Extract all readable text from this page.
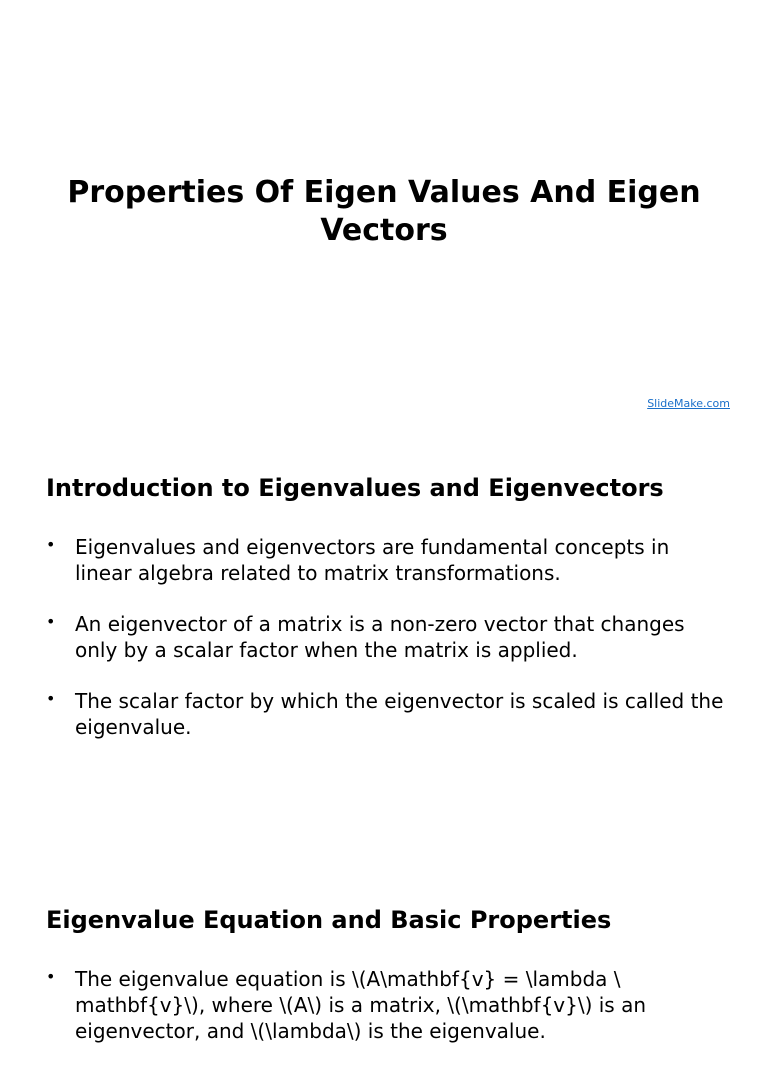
Properties Of Eigen Values And Eigen Vectors
SlideMake.com
Introduction to Eigenvalues and Eigenvectors
• Eigenvalues and eigenvectors are fundamental concepts in linear algebra related to matrix transformations.
• An eigenvector of a matrix is a non-zero vector that changes only by a scalar factor when the matrix is applied.
• The scalar factor by which the eigenvector is scaled is called the eigenvalue.
Eigenvalue Equation and Basic Properties
• The eigenvalue equation is \(A\mathbf{v} = \lambda \ mathbf{v}\), where \(A\) is a matrix, \(\mathbf{v}\) is an eigenvector, and \(\lambda\) is the eigenvalue.
